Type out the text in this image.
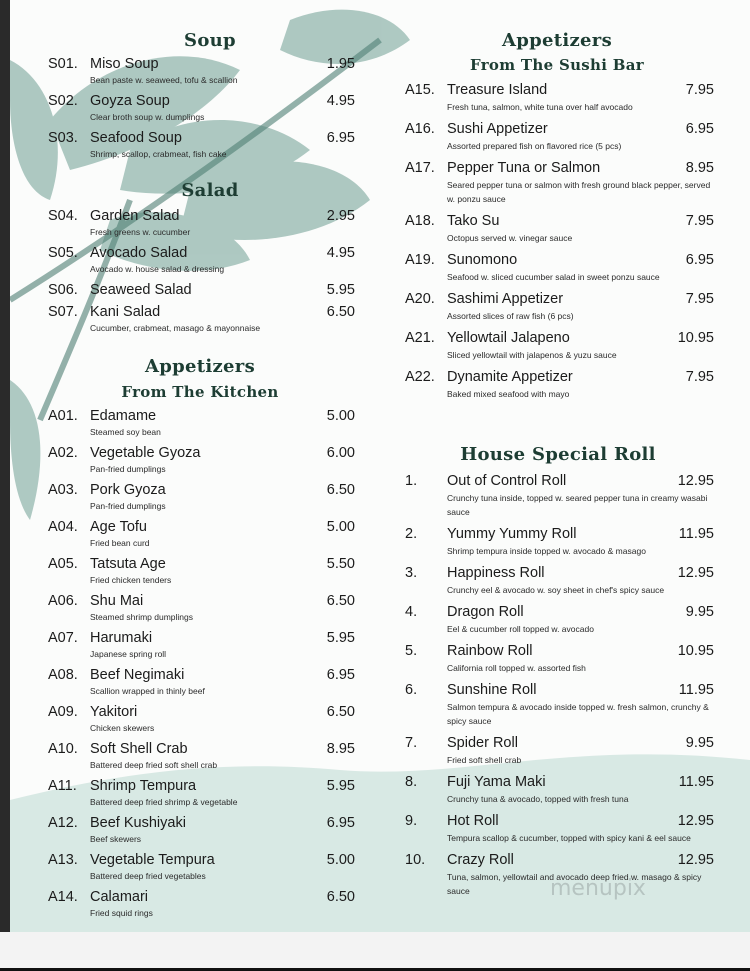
Soup
S01. Miso Soup	1.95
Bean paste w. seaweed, tofu & scallion
S02. Goyza Soup	4.95
Clear broth soup w. dumplings
S03. Seafood Soup	6.95
Shrimp, scallop, crabmeat, fish cake
Salad
S04. Garden Salad	2.95
Fresh greens w. cucumber
S05. Avocado Salad	4.95
Avocado w. house salad & dressing
S06. Seaweed Salad	5.95
S07. Kani Salad	6.50
Cucumber, crabmeat, masago & mayonnaise
Appetizers
From The Kitchen
A01. Edamame	5.00
Steamed soy bean
A02. Vegetable Gyoza	6.00
Pan-fried dumplings
A03. Pork Gyoza	6.50
Pan-fried dumplings
A04. Age Tofu	5.00
Fried bean curd
A05. Tatsuta Age	5.50
Fried chicken tenders
A06. Shu Mai	6.50
Steamed shrimp dumplings
A07. Harumaki	5.95
Japanese spring roll
A08. Beef Negimaki	6.95
Scallion wrapped in thinly beef
A09. Yakitori	6.50
Chicken skewers
A10. Soft Shell Crab	8.95
Battered deep fried soft shell crab
A11. Shrimp Tempura	5.95
Battered deep fried shrimp & vegetable
A12. Beef Kushiyaki	6.95
Beef skewers
A13. Vegetable Tempura	5.00
Battered deep fried vegetables
A14. Calamari	6.50
Fried squid rings
Appetizers
From The Sushi Bar
A15. Treasure Island	7.95
Fresh tuna, salmon, white tuna over half avocado
A16. Sushi Appetizer	6.95
Assorted prepared fish on flavored rice (5 pcs)
A17. Pepper Tuna or Salmon	8.95
Seared pepper tuna or salmon with fresh ground black pepper, served w. ponzu sauce
A18. Tako Su	7.95
Octopus served w. vinegar sauce
A19. Sunomono	6.95
Seafood w. sliced cucumber salad in sweet ponzu sauce
A20. Sashimi Appetizer	7.95
Assorted slices of raw fish (6 pcs)
A21. Yellowtail Jalapeno	10.95
Sliced yellowtail with jalapenos & yuzu sauce
A22. Dynamite Appetizer	7.95
Baked mixed seafood with mayo
House Special Roll
1.	Out of Control Roll	12.95
Crunchy tuna inside, topped w. seared pepper tuna in creamy wasabi sauce
2.	Yummy Yummy Roll	11.95
Shrimp tempura inside topped w. avocado & masago
3.	Happiness Roll	12.95
Crunchy eel & avocado w. soy sheet in chef's spicy sauce
4.	Dragon Roll	9.95
Eel & cucumber roll topped w. avocado
5.	Rainbow Roll	10.95
California roll topped w. assorted fish
6.	Sunshine Roll	11.95
Salmon tempura & avocado inside topped w. fresh salmon, crunchy & spicy sauce
7.	Spider Roll	9.95
Fried soft shell crab
8.	Fuji Yama Maki	11.95
Crunchy tuna & avocado, topped with fresh tuna
9.	Hot Roll	12.95
Tempura scallop & cucumber, topped with spicy kani & eel sauce
10.	Crazy Roll	12.95
Tuna, salmon, yellowtail and avocado deep fried w. masago & spicy sauce	menupix
